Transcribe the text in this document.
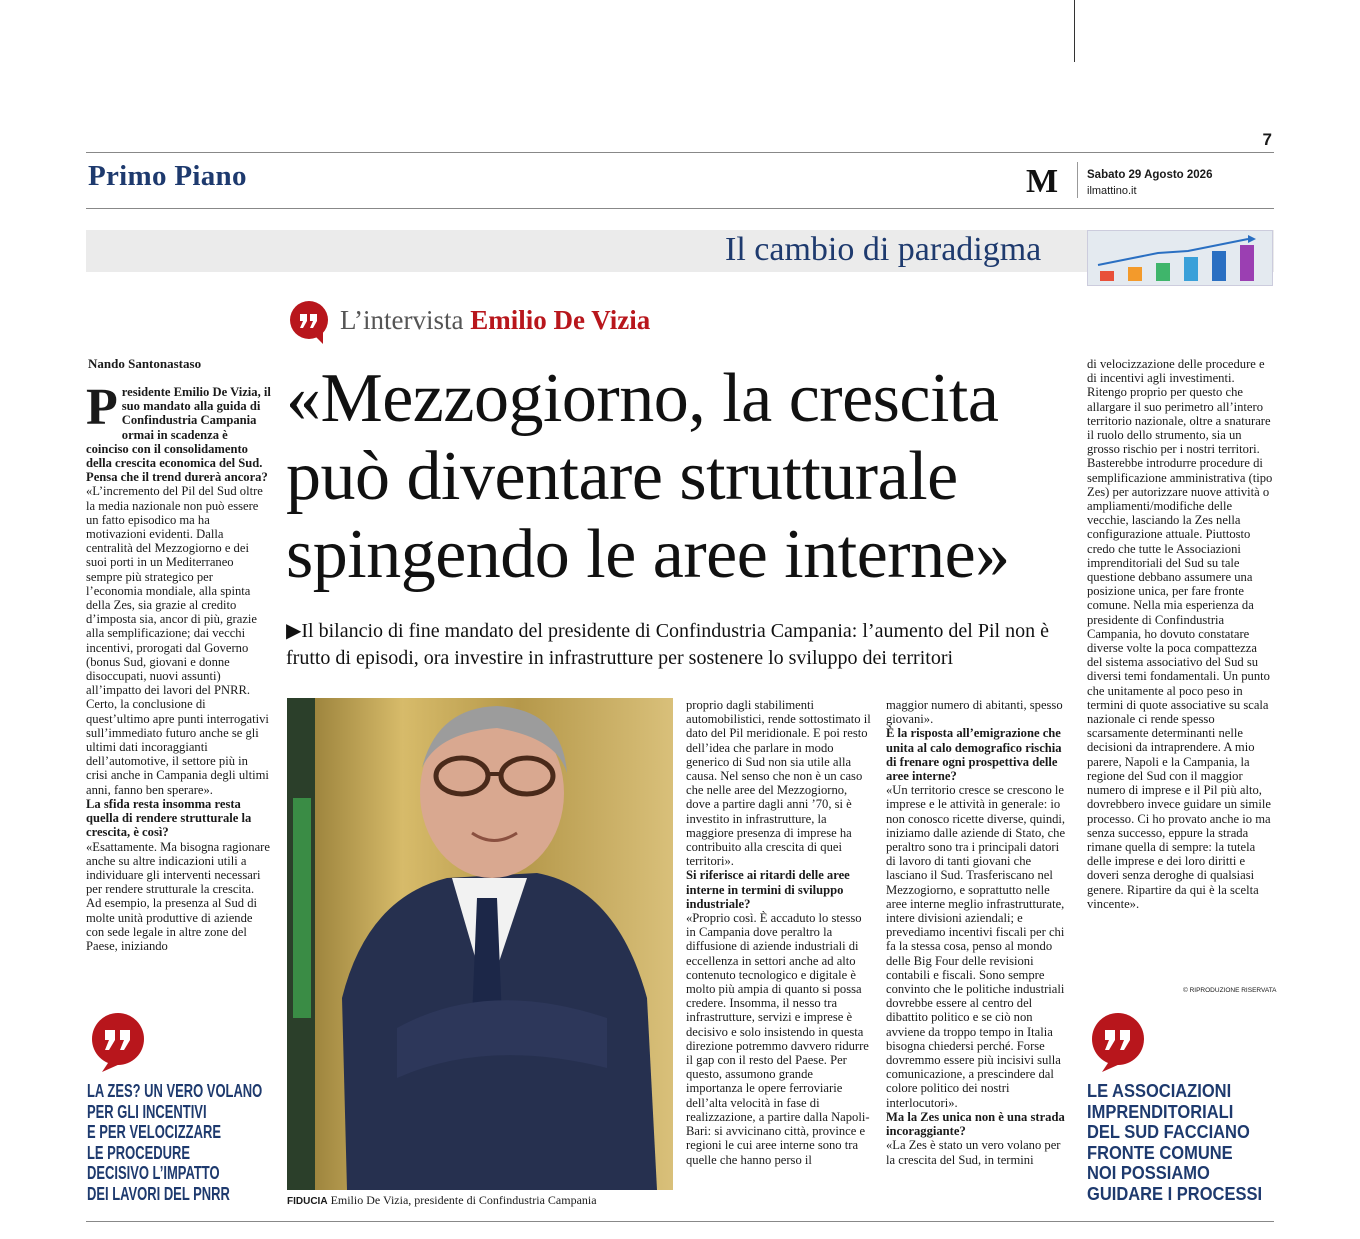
7
Primo Piano	M	Sabato 29 Agosto 2026
ilmattino.it
Il cambio di paradigma
L’intervista Emilio De Vizia
«Mezzogiorno, la crescita
può diventare strutturale
spingendo le aree interne»
▶Il bilancio di fine mandato del presidente di Confindustria Campania: l’aumento del Pil non è frutto di episodi, ora investire in infrastrutture per sostenere lo sviluppo dei territori
FIDUCIA Emilio De Vizia, presidente di Confindustria Campania
Nando Santonastaso
P residente Emilio De Vizia, il suo mandato alla guida di Confindustria Campania ormai in scadenza è coinciso con il consolidamento della crescita economica del Sud. Pensa che il trend durerà ancora?

«L’incremento del Pil del Sud oltre la media nazionale non può essere un fatto episodico ma ha motivazioni evidenti. Dalla centralità del Mezzogiorno e dei suoi porti in un Mediterraneo sempre più strategico per l’economia mondiale, alla spinta della Zes, sia grazie al credito d’imposta sia, ancor di più, grazie alla semplificazione; dai vecchi incentivi, prorogati dal Governo (bonus Sud, giovani e donne disoccupati, nuovi assunti) all’impatto dei lavori del PNRR. Certo, la conclusione di quest’ultimo apre punti interrogativi sull’immediato futuro anche se gli ultimi dati incoraggianti dell’automotive, il settore più in crisi anche in Campania degli ultimi anni, fanno ben sperare».

La sfida resta insomma resta quella di rendere strutturale la crescita, è così?

«Esattamente. Ma bisogna ragionare anche su altre indicazioni utili a individuare gli interventi necessari per rendere strutturale la crescita. Ad esempio, la presenza al Sud di molte unità produttive di aziende con sede legale in altre zone del Paese, iniziando

proprio dagli stabilimenti automobilistici, rende sottostimato il dato del Pil meridionale. E poi resto dell’idea che parlare in modo generico di Sud non sia utile alla causa. Nel senso che non è un caso che nelle aree del Mezzogiorno, dove a partire dagli anni ’70, si è investito in infrastrutture, la maggiore presenza di imprese ha contribuito alla crescita di quei territori».

Si riferisce ai ritardi delle aree interne in termini di sviluppo industriale?

«Proprio così. È accaduto lo stesso in Campania dove peraltro la diffusione di aziende industriali di eccellenza in settori anche ad alto contenuto tecnologico e digitale è molto più ampia di quanto si possa credere. Insomma, il nesso tra infrastrutture, servizi e imprese è decisivo e solo insistendo in questa direzione potremmo davvero ridurre il gap con il resto del Paese. Per questo, assumono grande importanza le opere ferroviarie dell’alta velocità in fase di realizzazione, a partire dalla Napoli-Bari: si avvicinano città, province e regioni le cui aree interne sono tra quelle che hanno perso il

maggior numero di abitanti, spesso giovani».

È la risposta all’emigrazione che unita al calo demografico rischia di frenare ogni prospettiva delle aree interne?

«Un territorio cresce se crescono le imprese e le attività in generale: io non conosco ricette diverse, quindi, iniziamo dalle aziende di Stato, che peraltro sono tra i principali datori di lavoro di tanti giovani che lasciano il Sud. Trasferiscano nel Mezzogiorno, e soprattutto nelle aree interne meglio infrastrutturate, intere divisioni aziendali; e prevediamo incentivi fiscali per chi fa la stessa cosa, penso al mondo delle Big Four delle revisioni contabili e fiscali. Sono sempre convinto che le politiche industriali dovrebbe essere al centro del dibattito politico e se ciò non avviene da troppo tempo in Italia bisogna chiedersi perché. Forse dovremmo essere più incisivi sulla comunicazione, a prescindere dal colore politico dei nostri interlocutori».

Ma la Zes unica non è una strada incoraggiante?

«La Zes è stato un vero volano per la crescita del Sud, in termini

di velocizzazione delle procedure e di incentivi agli investimenti. Ritengo proprio per questo che allargare il suo perimetro all’intero territorio nazionale, oltre a snaturare il ruolo dello strumento, sia un grosso rischio per i nostri territori. Basterebbe introdurre procedure di semplificazione amministrativa (tipo Zes) per autorizzare nuove attività o ampliamenti/modifiche delle vecchie, lasciando la Zes nella configurazione attuale. Piuttosto credo che tutte le Associazioni imprenditoriali del Sud su tale questione debbano assumere una posizione unica, per fare fronte comune. Nella mia esperienza da presidente di Confindustria Campania, ho dovuto constatare diverse volte la poca compattezza del sistema associativo del Sud su diversi temi fondamentali. Un punto che unitamente al poco peso in termini di quote associative su scala nazionale ci rende spesso scarsamente determinanti nelle decisioni da intraprendere. A mio parere, Napoli e la Campania, la regione del Sud con il maggior numero di imprese e il Pil più alto, dovrebbero invece guidare un simile processo. Ci ho provato anche io ma senza successo, eppure la strada rimane quella di sempre: la tutela delle imprese e dei loro diritti e doveri senza deroghe di qualsiasi genere. Ripartire da qui è la scelta vincente».

© RIPRODUZIONE RISERVATA
LA ZES? UN VERO VOLANO
PER GLI INCENTIVI
E PER VELOCIZZARE
LE PROCEDURE
DECISIVO L’IMPATTO
DEI LAVORI DEL PNRR
LE ASSOCIAZIONI
IMPRENDITORIALI
DEL SUD FACCIANO
FRONTE COMUNE
NOI POSSIAMO
GUIDARE I PROCESSI
